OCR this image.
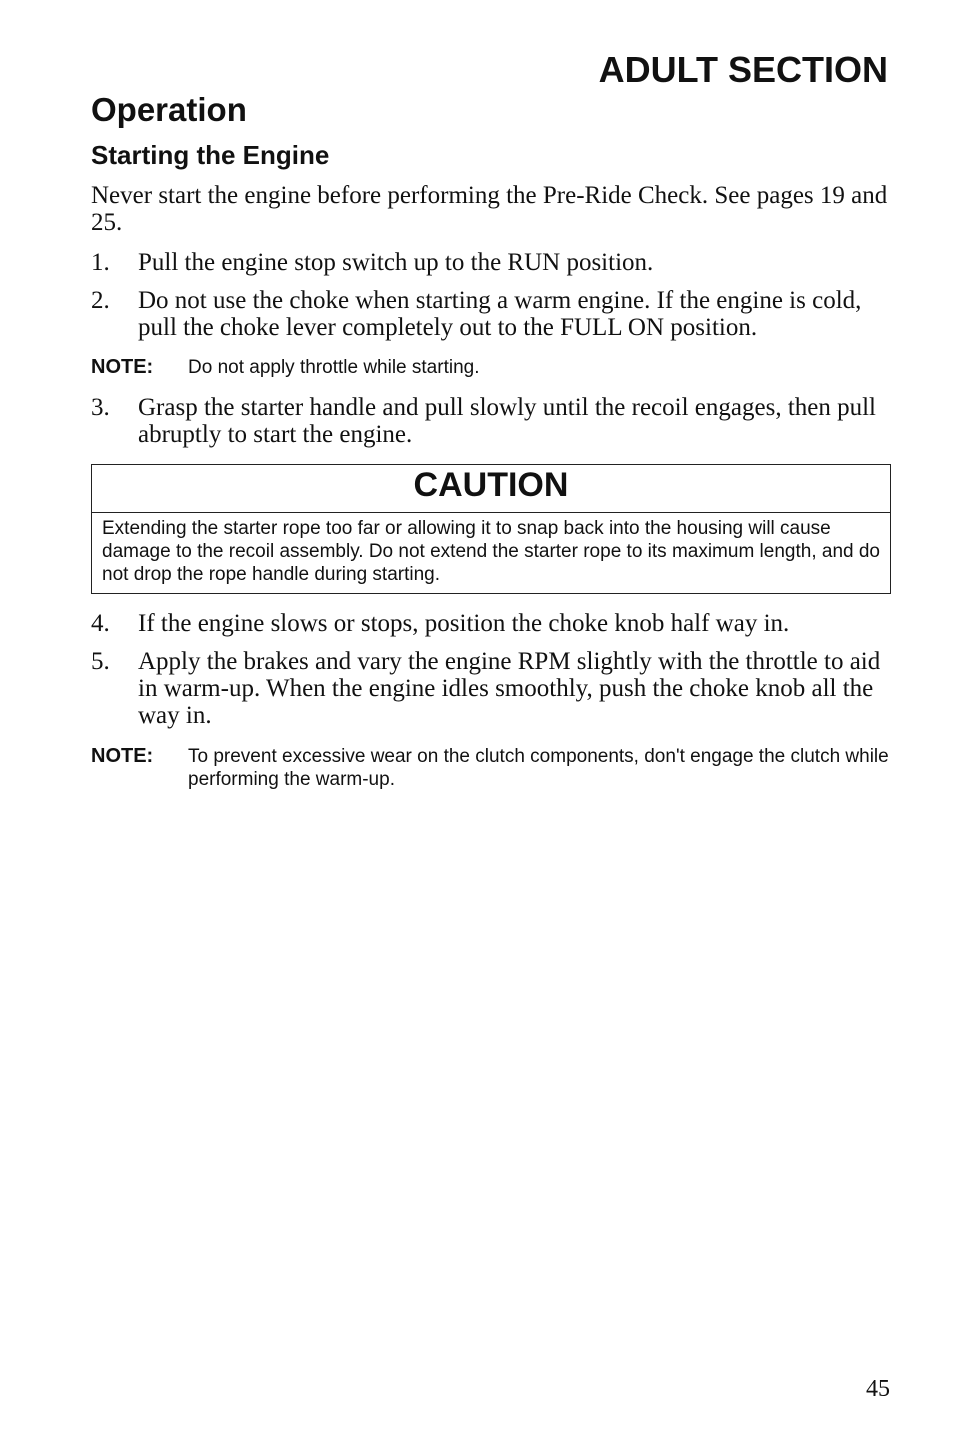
ADULT SECTION
Operation
Starting the Engine

Never start the engine before performing the Pre-Ride Check. See pages 19 and 25.

1. Pull the engine stop switch up to the RUN position.
2. Do not use the choke when starting a warm engine. If the engine is cold, pull the choke lever completely out to the FULL ON position.
NOTE: Do not apply throttle while starting.
3. Grasp the starter handle and pull slowly until the recoil engages, then pull abruptly to start the engine.
CAUTION
Extending the starter rope too far or allowing it to snap back into the housing will cause damage to the recoil assembly. Do not extend the starter rope to its maximum length, and do not drop the rope handle during starting.
4. If the engine slows or stops, position the choke knob half way in.
5. Apply the brakes and vary the engine RPM slightly with the throttle to aid in warm-up. When the engine idles smoothly, push the choke knob all the way in.
NOTE: To prevent excessive wear on the clutch components, don't engage the clutch while performing the warm-up.
45
